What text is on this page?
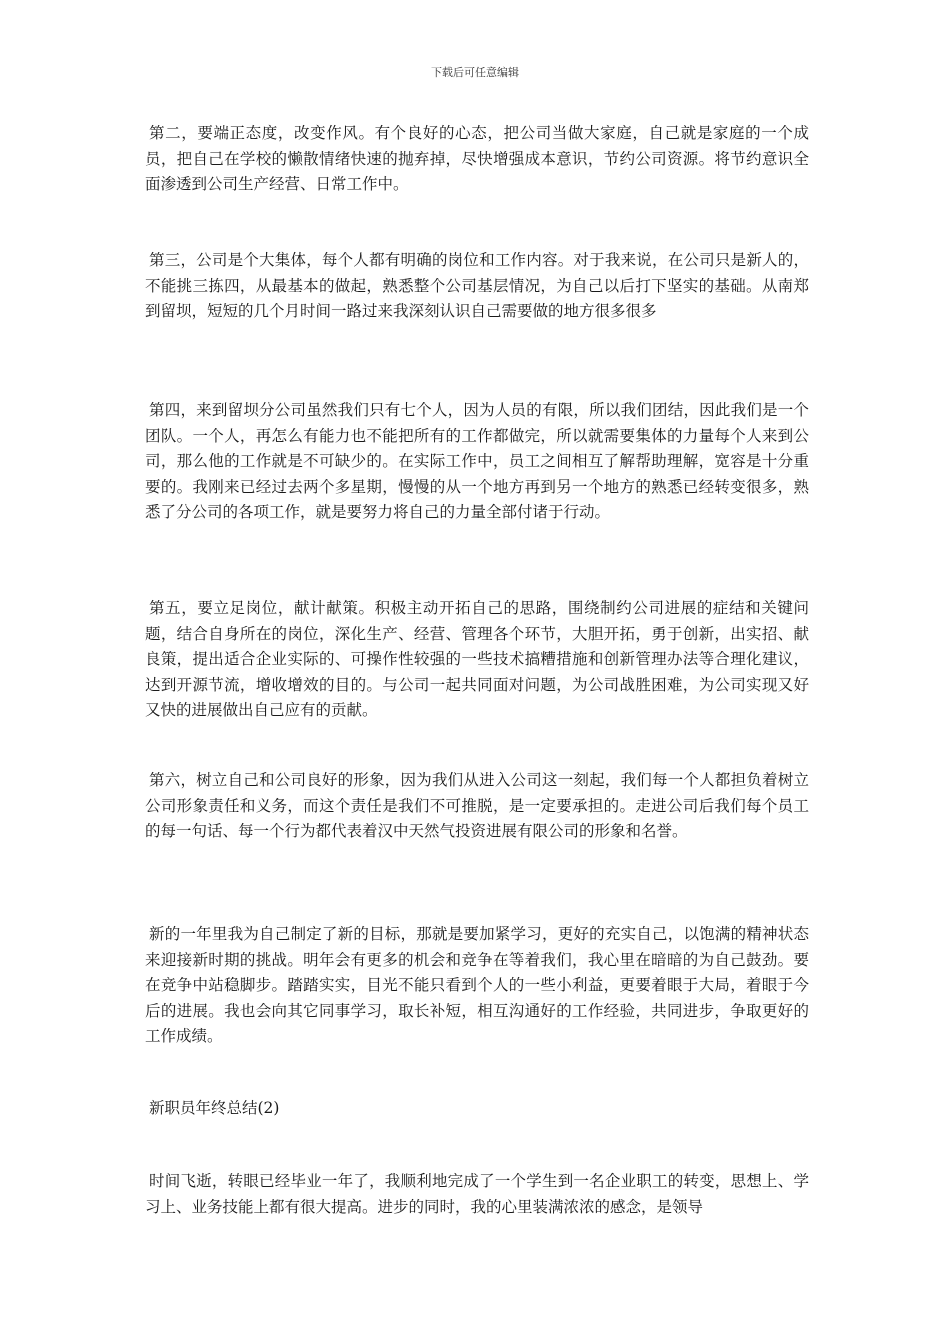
下载后可任意编辑

第二，要端正态度，改变作风。有个良好的心态，把公司当做大家庭，自己就是家庭的一个成员，把自己在学校的懒散情绪快速的抛弃掉，尽快增强成本意识，节约公司资源。将节约意识全面渗透到公司生产经营、日常工作中。

第三，公司是个大集体，每个人都有明确的岗位和工作内容。对于我来说，在公司只是新人的，不能挑三拣四，从最基本的做起，熟悉整个公司基层情况，为自己以后打下坚实的基础。从南郑到留坝，短短的几个月时间一路过来我深刻认识自己需要做的地方很多很多

第四，来到留坝分公司虽然我们只有七个人，因为人员的有限，所以我们团结，因此我们是一个团队。一个人，再怎么有能力也不能把所有的工作都做完，所以就需要集体的力量每个人来到公司，那么他的工作就是不可缺少的。在实际工作中，员工之间相互了解帮助理解，宽容是十分重要的。我刚来已经过去两个多星期，慢慢的从一个地方再到另一个地方的熟悉已经转变很多，熟悉了分公司的各项工作，就是要努力将自己的力量全部付诸于行动。

第五，要立足岗位，献计献策。积极主动开拓自己的思路，围绕制约公司进展的症结和关键问题，结合自身所在的岗位，深化生产、经营、管理各个环节，大胆开拓，勇于创新，出实招、献良策，提出适合企业实际的、可操作性较强的一些技术搞糟措施和创新管理办法等合理化建议，达到开源节流，增收增效的目的。与公司一起共同面对问题，为公司战胜困难，为公司实现又好又快的进展做出自己应有的贡献。

第六，树立自己和公司良好的形象，因为我们从进入公司这一刻起，我们每一个人都担负着树立公司形象责任和义务，而这个责任是我们不可推脱，是一定要承担的。走进公司后我们每个员工的每一句话、每一个行为都代表着汉中天然气投资进展有限公司的形象和名誉。

新的一年里我为自己制定了新的目标，那就是要加紧学习，更好的充实自己，以饱满的精神状态来迎接新时期的挑战。明年会有更多的机会和竞争在等着我们，我心里在暗暗的为自己鼓劲。要在竞争中站稳脚步。踏踏实实，目光不能只看到个人的一些小利益，更要着眼于大局，着眼于今后的进展。我也会向其它同事学习，取长补短，相互沟通好的工作经验，共同进步，争取更好的工作成绩。

新职员年终总结(2)

时间飞逝，转眼已经毕业一年了，我顺利地完成了一个学生到一名企业职工的转变，思想上、学习上、业务技能上都有很大提高。进步的同时，我的心里装满浓浓的感念，是领导
